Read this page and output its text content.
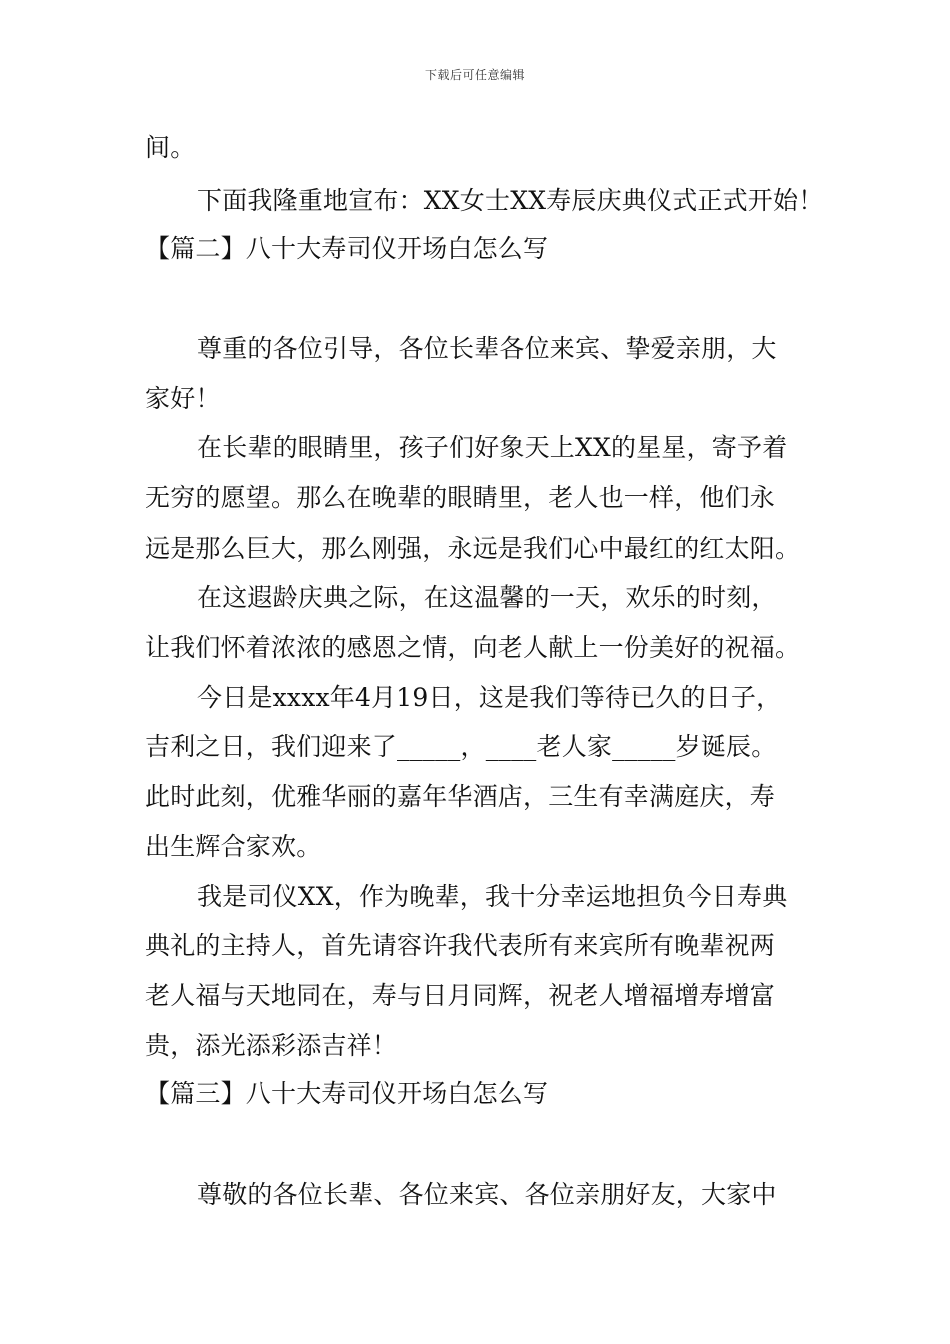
下载后可任意编辑
间。
下面我隆重地宣布：XX女士XX寿辰庆典仪式正式开始！
【篇二】八十大寿司仪开场白怎么写
尊重的各位引导，各位长辈各位来宾、挚爱亲朋，大
家好！
在长辈的眼睛里，孩子们好象天上XX的星星，寄予着
无穷的愿望。那么在晚辈的眼睛里，老人也一样，他们永
远是那么巨大，那么刚强，永远是我们心中最红的红太阳。
在这遐龄庆典之际，在这温馨的一天，欢乐的时刻，
让我们怀着浓浓的感恩之情，向老人献上一份美好的祝福。
今日是xxxx年4月19日，这是我们等待已久的日子，
吉利之日，我们迎来了_____，____老人家_____岁诞辰。
此时此刻，优雅华丽的嘉年华酒店，三生有幸满庭庆，寿
出生辉合家欢。
我是司仪XX，作为晚辈，我十分幸运地担负今日寿典
典礼的主持人，首先请容许我代表所有来宾所有晚辈祝两
老人福与天地同在，寿与日月同辉，祝老人增福增寿增富
贵，添光添彩添吉祥！
【篇三】八十大寿司仪开场白怎么写
尊敬的各位长辈、各位来宾、各位亲朋好友，大家中
